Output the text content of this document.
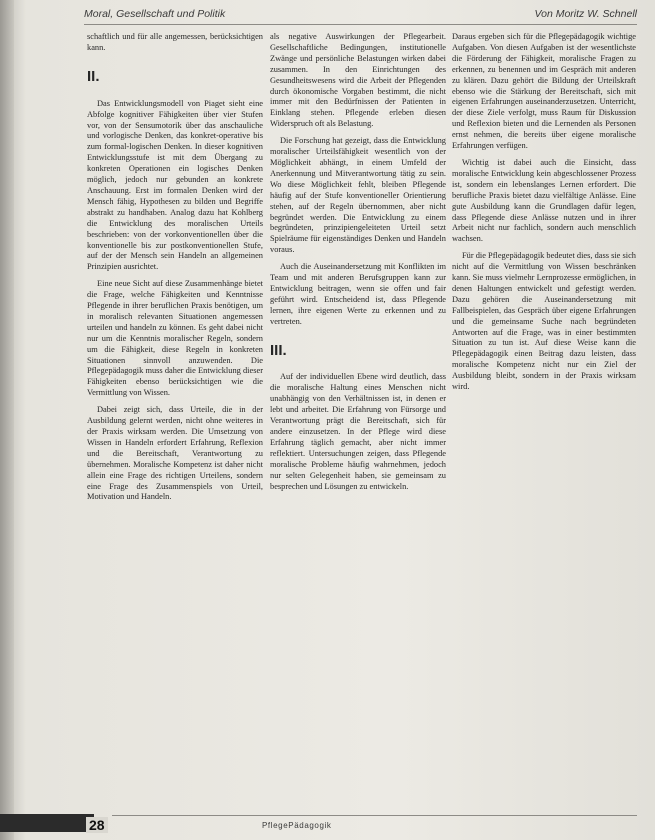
Moral, Gesellschaft und Politik	Von Moritz W. Schnell

schaftlich und für alle angemessen, berücksichtigen kann.

II.

Das Entwicklungsmodell von Piaget sieht eine Abfolge kognitiver Fähigkeiten über vier Stufen vor, von der Sensumotorik über das anschauliche und vorlogische Denken, das konkret-operative bis zum formal-logischen Denken. In dieser kognitiven Entwicklungsstufe ist mit dem Übergang zu konkreten Operationen ein logisches Denken möglich, jedoch nur gebunden an konkrete Anschauung. Erst im formalen Denken wird der Mensch fähig, Hypothesen zu bilden und Begriffe abstrakt zu handhaben. Analog dazu hat Kohlberg die Entwicklung des moralischen Urteils beschrieben: von der vorkonventionellen über die konventionelle bis zur postkonventionellen Stufe, auf der der Mensch sein Handeln an allgemeinen Prinzipien ausrichtet.

Eine neue Sicht auf diese Zusammenhänge bietet die Frage, welche Fähigkeiten und Kenntnisse Pflegende in ihrer beruflichen Praxis benötigen, um in moralisch relevanten Situationen angemessen urteilen und handeln zu können. Es geht dabei nicht nur um die Kenntnis moralischer Regeln, sondern um die Fähigkeit, diese Regeln in konkreten Situationen sinnvoll anzuwenden. Die Pflegepädagogik muss daher die Entwicklung dieser Fähigkeiten ebenso berücksichtigen wie die Vermittlung von Wissen.

Dabei zeigt sich, dass Urteile, die in der Ausbildung gelernt werden, nicht ohne weiteres in der Praxis wirksam werden. Die Umsetzung von Wissen in Handeln erfordert Erfahrung, Reflexion und die Bereitschaft, Verantwortung zu übernehmen. Moralische Kompetenz ist daher nicht allein eine Frage des richtigen Urteilens, sondern eine Frage des Zusammenspiels von Urteil, Motivation und Handeln.

als negative Auswirkungen der Pflegearbeit. Gesellschaftliche Bedingungen, institutionelle Zwänge und persönliche Belastungen wirken dabei zusammen. In den Einrichtungen des Gesundheitswesens wird die Arbeit der Pflegenden durch ökonomische Vorgaben bestimmt, die nicht immer mit den Bedürfnissen der Patienten in Einklang stehen. Pflegende erleben diesen Widerspruch oft als Belastung.

Die Forschung hat gezeigt, dass die Entwicklung moralischer Urteilsfähigkeit wesentlich von der Möglichkeit abhängt, in einem Umfeld der Anerkennung und Mitverantwortung tätig zu sein. Wo diese Möglichkeit fehlt, bleiben Pflegende häufig auf der Stufe konventioneller Orientierung stehen, auf der Regeln übernommen, aber nicht begründet werden. Die Entwicklung zu einem begründeten, prinzipiengeleiteten Urteil setzt Spielräume für eigenständiges Denken und Handeln voraus.

Auch die Auseinandersetzung mit Konflikten im Team und mit anderen Berufsgruppen kann zur Entwicklung beitragen, wenn sie offen und fair geführt wird. Entscheidend ist, dass Pflegende lernen, ihre eigenen Werte zu erkennen und zu vertreten.

III.

Auf der individuellen Ebene wird deutlich, dass die moralische Haltung eines Menschen nicht unabhängig von den Verhältnissen ist, in denen er lebt und arbeitet. Die Erfahrung von Fürsorge und Verantwortung prägt die Bereitschaft, sich für andere einzusetzen. In der Pflege wird diese Erfahrung täglich gemacht, aber nicht immer reflektiert. Untersuchungen zeigen, dass Pflegende moralische Probleme häufig wahrnehmen, jedoch nur selten Gelegenheit haben, sie gemeinsam zu besprechen und Lösungen zu entwickeln.

Daraus ergeben sich für die Pflegepädagogik wichtige Aufgaben. Von diesen Aufgaben ist der wesentlichste die Förderung der Fähigkeit, moralische Fragen zu erkennen, zu benennen und im Gespräch mit anderen zu klären. Dazu gehört die Bildung der Urteilskraft ebenso wie die Stärkung der Bereitschaft, sich mit eigenen Erfahrungen auseinanderzusetzen. Unterricht, der diese Ziele verfolgt, muss Raum für Diskussion und Reflexion bieten und die Lernenden als Personen ernst nehmen, die bereits über eigene moralische Erfahrungen verfügen.

Wichtig ist dabei auch die Einsicht, dass moralische Entwicklung kein abgeschlossener Prozess ist, sondern ein lebenslanges Lernen erfordert. Die berufliche Praxis bietet dazu vielfältige Anlässe. Eine gute Ausbildung kann die Grundlagen dafür legen, dass Pflegende diese Anlässe nutzen und in ihrer Arbeit nicht nur fachlich, sondern auch menschlich wachsen.

Für die Pflegepädagogik bedeutet dies, dass sie sich nicht auf die Vermittlung von Wissen beschränken kann. Sie muss vielmehr Lernprozesse ermöglichen, in denen Haltungen entwickelt und gefestigt werden. Dazu gehören die Auseinandersetzung mit Fallbeispielen, das Gespräch über eigene Erfahrungen und die gemeinsame Suche nach begründeten Antworten auf die Frage, was in einer bestimmten Situation zu tun ist. Auf diese Weise kann die Pflegepädagogik einen Beitrag dazu leisten, dass moralische Kompetenz nicht nur ein Ziel der Ausbildung bleibt, sondern in der Praxis wirksam wird.

28	PflegePädagogik
